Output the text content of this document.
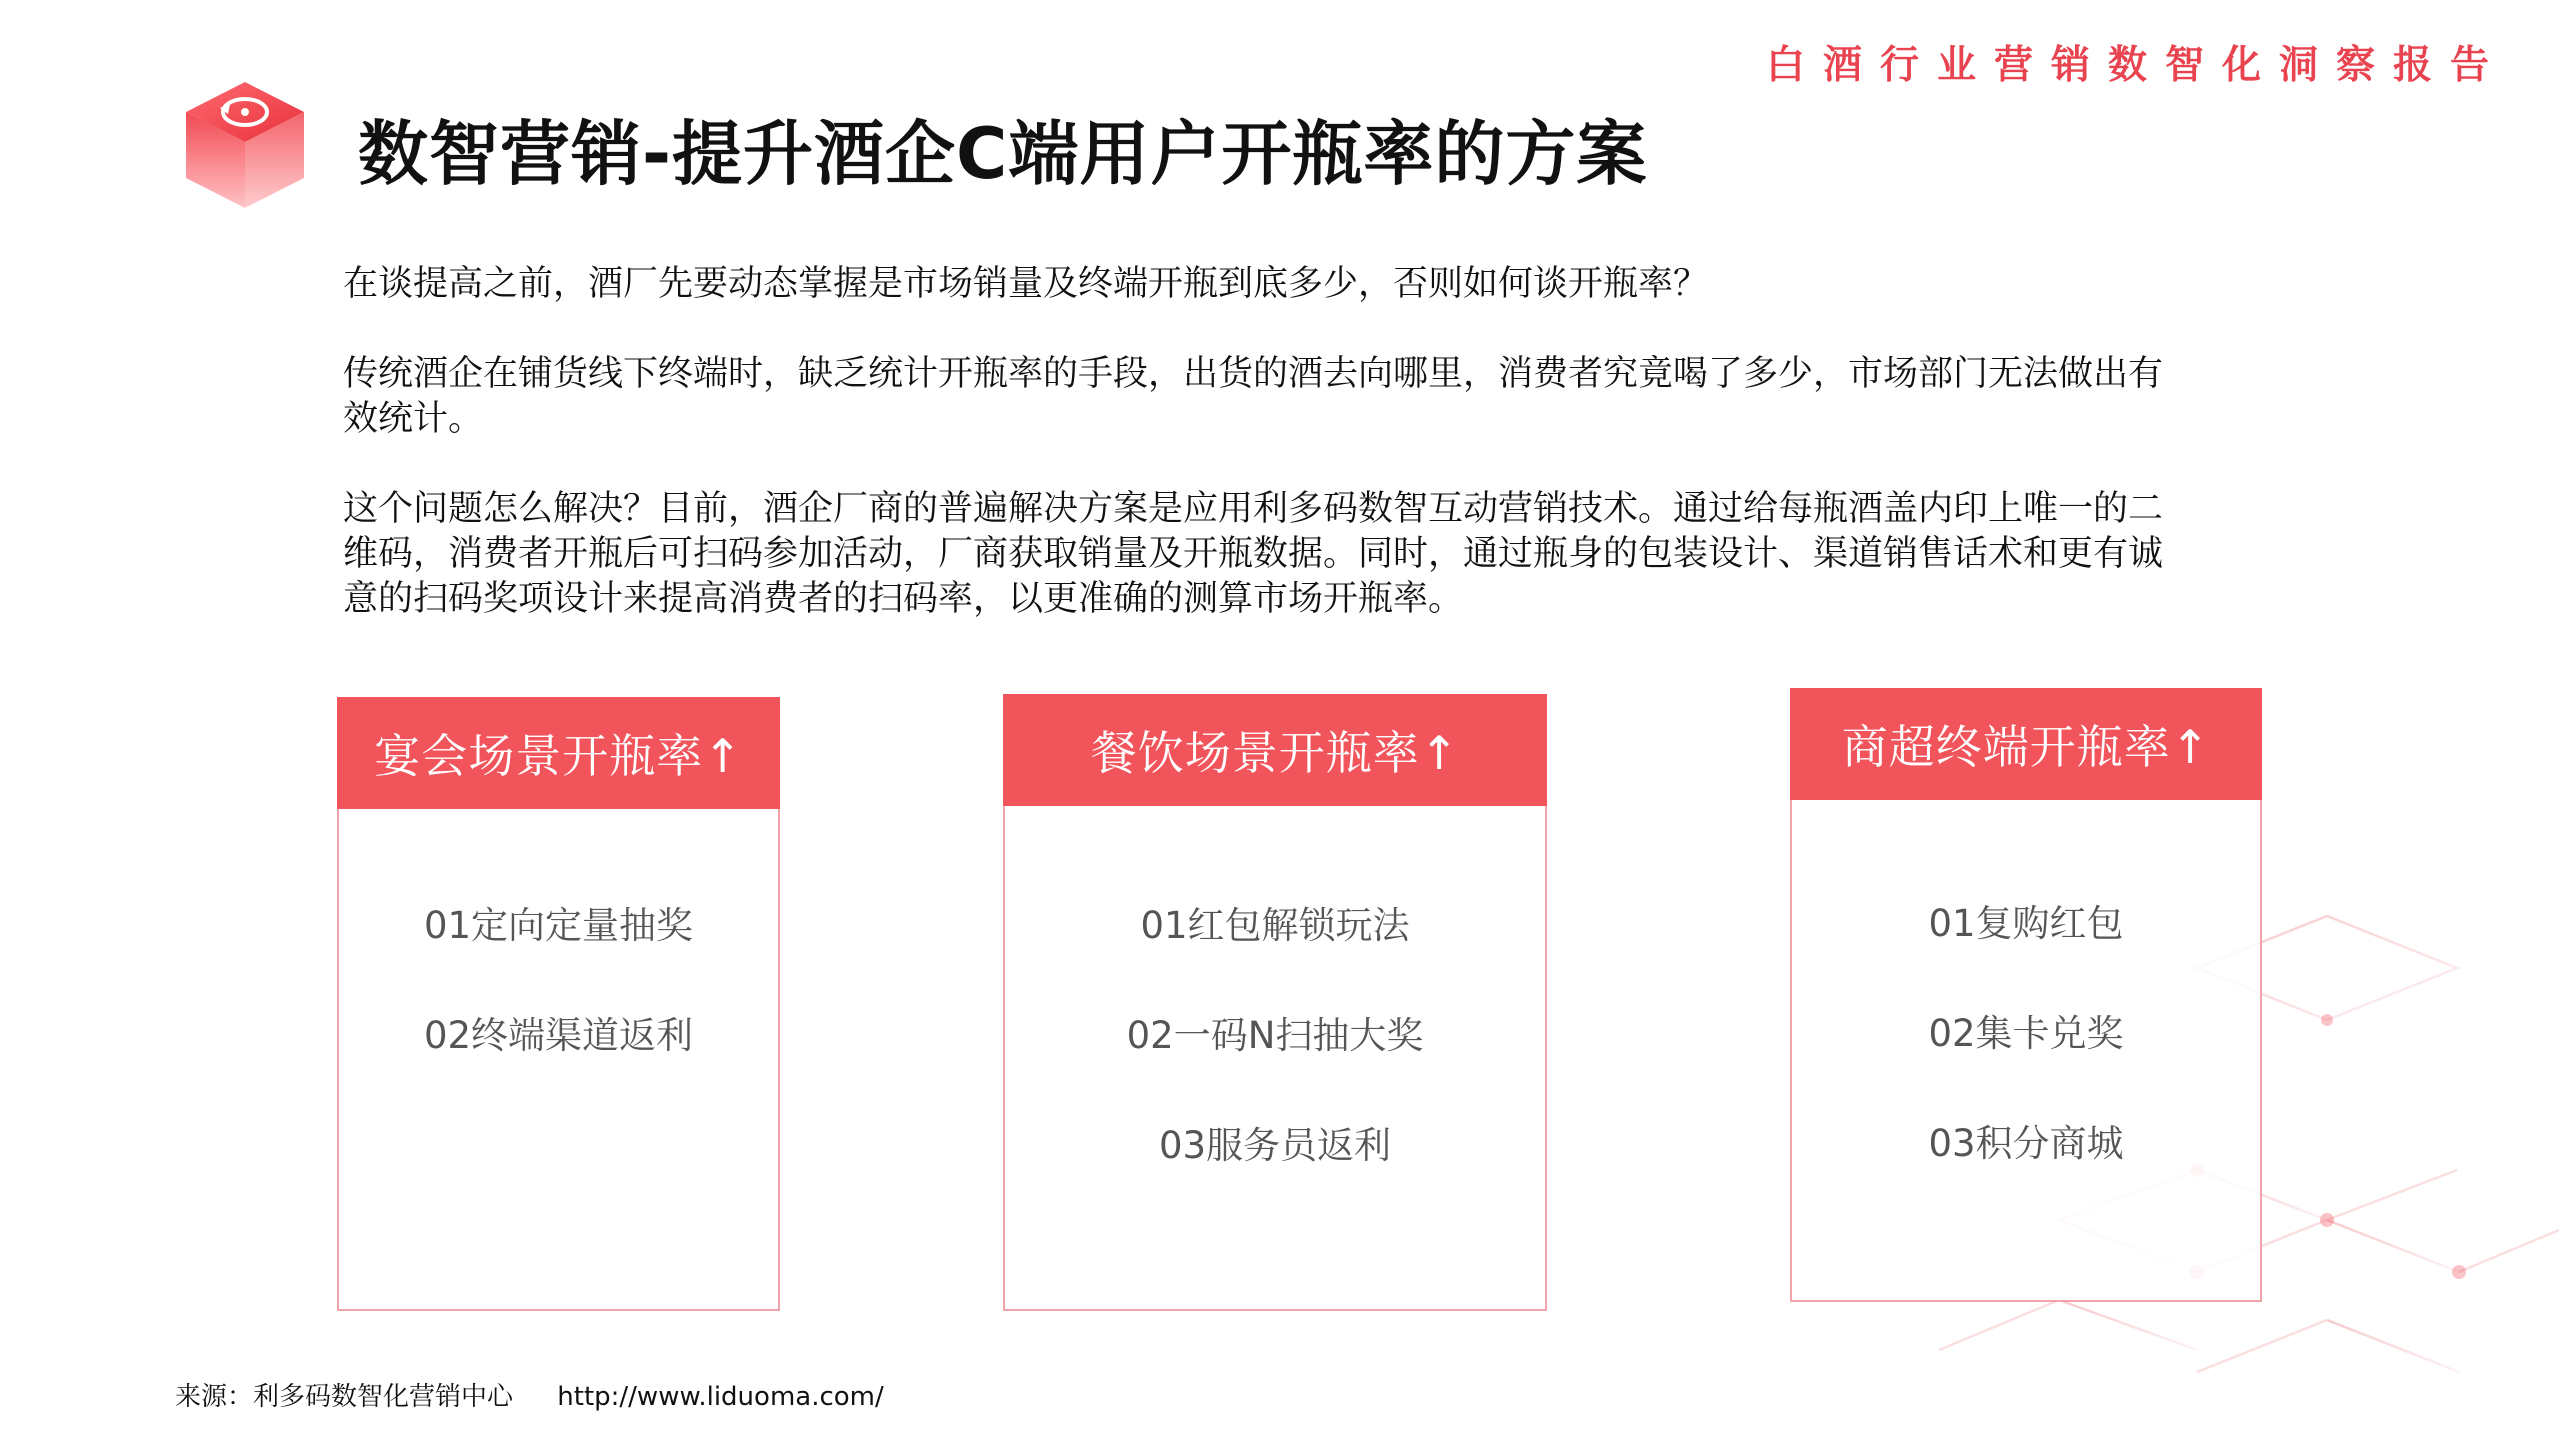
白酒行业营销数智化洞察报告
数智营销-提升酒企C端用户开瓶率的方案

在谈提高之前，酒厂先要动态掌握是市场销量及终端开瓶到底多少，否则如何谈开瓶率？

传统酒企在铺货线下终端时，缺乏统计开瓶率的手段，出货的酒去向哪里，消费者究竟喝了多少，市场部门无法做出有效统计。

这个问题怎么解决？目前，酒企厂商的普遍解决方案是应用利多码数智互动营销技术。通过给每瓶酒盖内印上唯一的二维码，消费者开瓶后可扫码参加活动，厂商获取销量及开瓶数据。同时，通过瓶身的包装设计、渠道销售话术和更有诚意的扫码奖项设计来提高消费者的扫码率，以更准确的测算市场开瓶率。

宴会场景开瓶率↑
01定向定量抽奖
02终端渠道返利
餐饮场景开瓶率↑
01红包解锁玩法
02一码N扫抽大奖
03服务员返利
商超终端开瓶率↑
01复购红包
02集卡兑奖
03积分商城
来源：利多码数智化营销中心 http://www.liduoma.com/
